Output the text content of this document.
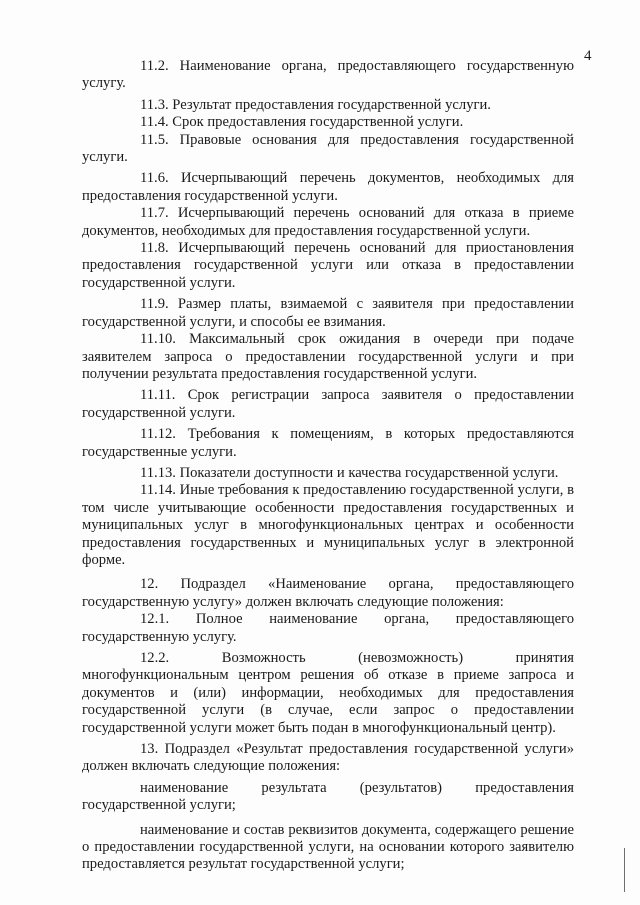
4

11.2. Наименование органа, предоставляющего государственную услугу.

11.3. Результат предоставления государственной услуги.

11.4. Срок предоставления государственной услуги.

11.5. Правовые основания для предоставления государственной услуги.

11.6. Исчерпывающий перечень документов, необходимых для предоставления государственной услуги.

11.7. Исчерпывающий перечень оснований для отказа в приеме документов, необходимых для предоставления государственной услуги.

11.8. Исчерпывающий перечень оснований для приостановления предоставления государственной услуги или отказа в предоставлении государственной услуги.

11.9. Размер платы, взимаемой с заявителя при предоставлении государственной услуги, и способы ее взимания.

11.10. Максимальный срок ожидания в очереди при подаче заявителем запроса о предоставлении государственной услуги и при получении результата предоставления государственной услуги.

11.11. Срок регистрации запроса заявителя о предоставлении государственной услуги.

11.12. Требования к помещениям, в которых предоставляются государственные услуги.

11.13. Показатели доступности и качества государственной услуги.

11.14. Иные требования к предоставлению государственной услуги, в том числе учитывающие особенности предоставления государственных и муниципальных услуг в многофункциональных центрах и особенности предоставления государственных и муниципальных услуг в электронной форме.

12. Подраздел «Наименование органа, предоставляющего государственную услугу» должен включать следующие положения:

12.1. Полное наименование органа, предоставляющего государственную услугу.

12.2. Возможность (невозможность) принятия многофункциональным центром решения об отказе в приеме запроса и документов и (или) информации, необходимых для предоставления государственной услуги (в случае, если запрос о предоставлении государственной услуги может быть подан в многофункциональный центр).

13. Подраздел «Результат предоставления государственной услуги» должен включать следующие положения:

наименование результата (результатов) предоставления государственной услуги;

наименование и состав реквизитов документа, содержащего решение о предоставлении государственной услуги, на основании которого заявителю предоставляется результат государственной услуги;
